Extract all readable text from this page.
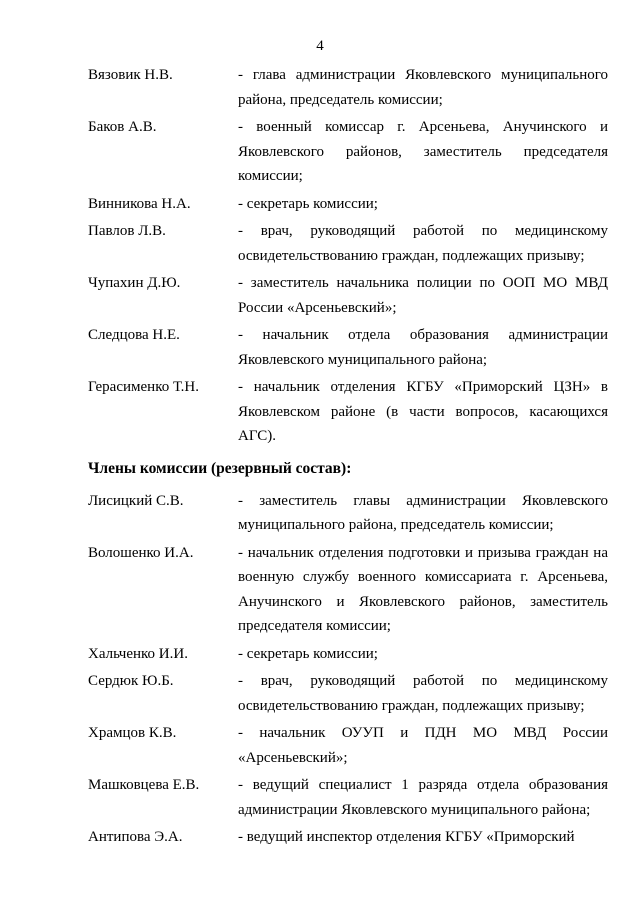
4
Вязовик Н.В.	- глава администрации Яковлевского муниципального района, председатель комиссии;
Баков А.В.	- военный комиссар г. Арсеньева, Анучинского и Яковлевского районов, заместитель председателя комиссии;
Винникова Н.А.	- секретарь комиссии;
Павлов Л.В.	- врач, руководящий работой по медицинскому освидетельствованию граждан, подлежащих призыву;
Чупахин Д.Ю.	- заместитель начальника полиции по ООП МО МВД России «Арсеньевский»;
Следцова Н.Е.	- начальник отдела образования администрации Яковлевского муниципального района;
Герасименко Т.Н.	- начальник отделения КГБУ «Приморский ЦЗН» в Яковлевском районе (в части вопросов, касающихся АГС).
Члены комиссии (резервный состав):
Лисицкий С.В.	- заместитель главы администрации Яковлевского муниципального района, председатель комиссии;
Волошенко И.А.	- начальник отделения подготовки и призыва граждан на военную службу военного комиссариата г. Арсеньева, Анучинского и Яковлевского районов, заместитель председателя комиссии;
Хальченко И.И.	- секретарь комиссии;
Сердюк Ю.Б.	- врач, руководящий работой по медицинскому освидетельствованию граждан, подлежащих призыву;
Храмцов К.В.	- начальник ОУУП и ПДН МО МВД России «Арсеньевский»;
Машковцева Е.В.	- ведущий специалист 1 разряда отдела образования администрации Яковлевского муниципального района;
Антипова Э.А.	- ведущий инспектор отделения КГБУ «Приморский
